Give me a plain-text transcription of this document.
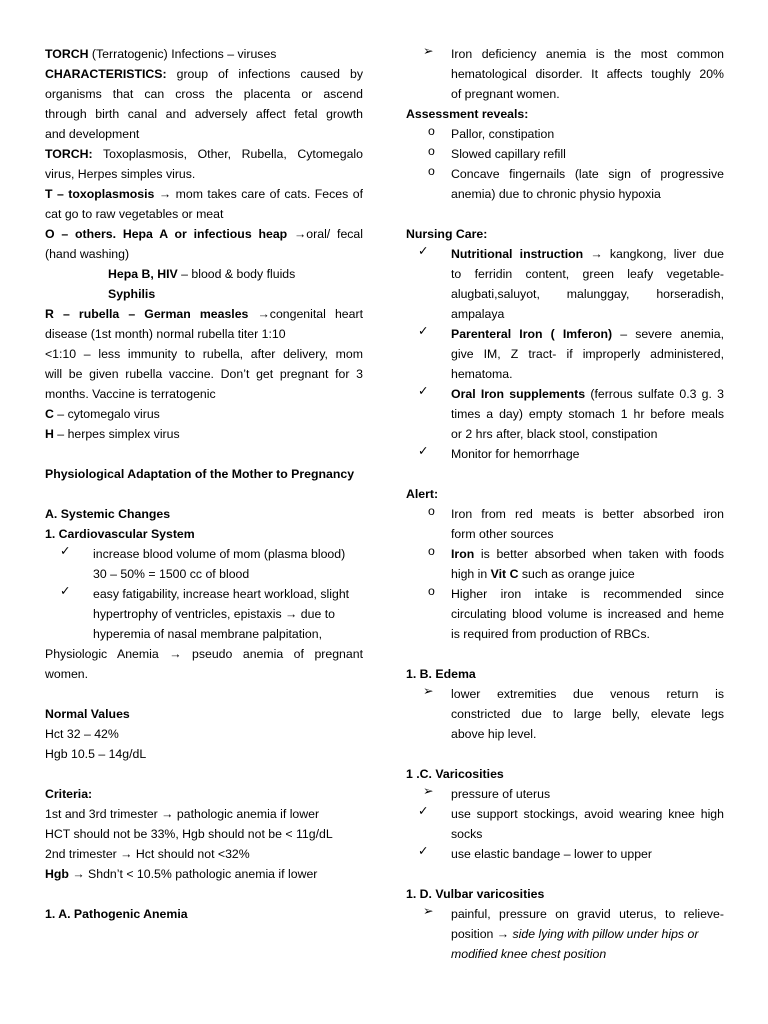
TORCH (Terratogenic) Infections – viruses
CHARACTERISTICS: group of infections caused by
organisms that can cross the placenta or ascend
through birth canal and adversely affect fetal growth
and development
TORCH: Toxoplasmosis, Other, Rubella, Cytomegalo
virus, Herpes simples virus.
T – toxoplasmosis → mom takes care of cats. Feces of
cat go to raw vegetables or meat
O – others. Hepa A or infectious heap →oral/ fecal
(hand washing)
Hepa B, HIV – blood & body fluids
Syphilis
R – rubella – German measles →congenital heart
disease (1st month) normal rubella titer 1:10
<1:10 – less immunity to rubella, after delivery, mom
will be given rubella vaccine. Don’t get pregnant for 3
months. Vaccine is terratogenic
C – cytomegalo virus
H – herpes simplex virus
Physiological Adaptation of the Mother to Pregnancy
A. Systemic Changes
1. Cardiovascular System
✓	increase blood volume of mom (plasma blood)
30 – 50% = 1500 cc of blood
✓	easy fatigability, increase heart workload, slight
hypertrophy of ventricles, epistaxis → due to
hyperemia of nasal membrane palpitation,
Physiologic Anemia → pseudo anemia of pregnant
women.
Normal Values
Hct 32 – 42%
Hgb 10.5 – 14g/dL
Criteria:
1st and 3rd trimester → pathologic anemia if lower
HCT should not be 33%, Hgb should not be < 11g/dL
2nd trimester → Hct should not <32%
Hgb → Shdn’t < 10.5% pathologic anemia if lower
1. A. Pathogenic Anemia
➢	Iron deficiency anemia is the most common
hematological disorder. It affects toughly 20%
of pregnant women.
Assessment reveals:
o	Pallor, constipation
o	Slowed capillary refill
o	Concave fingernails (late sign of progressive
anemia) due to chronic physio hypoxia
Nursing Care:
✓	Nutritional instruction → kangkong, liver due
to ferridin content, green leafy vegetable-
alugbati,saluyot, malunggay, horseradish,
ampalaya
✓	Parenteral Iron ( Imferon) – severe anemia,
give IM, Z tract- if improperly administered,
hematoma.
✓	Oral Iron supplements (ferrous sulfate 0.3 g. 3
times a day) empty stomach 1 hr before meals
or 2 hrs after, black stool, constipation
✓	Monitor for hemorrhage
Alert:
o	Iron from red meats is better absorbed iron
form other sources
o	Iron is better absorbed when taken with foods
high in Vit C such as orange juice
o	Higher iron intake is recommended since
circulating blood volume is increased and heme
is required from production of RBCs.
1. B. Edema
➢	lower extremities due venous return is
constricted due to large belly, elevate legs
above hip level.
1 .C. Varicosities
➢	pressure of uterus
✓	use support stockings, avoid wearing knee high
socks
✓	use elastic bandage – lower to upper
1. D. Vulbar varicosities
➢	painful, pressure on gravid uterus, to relieve-
position → side lying with pillow under hips or
modified knee chest position
